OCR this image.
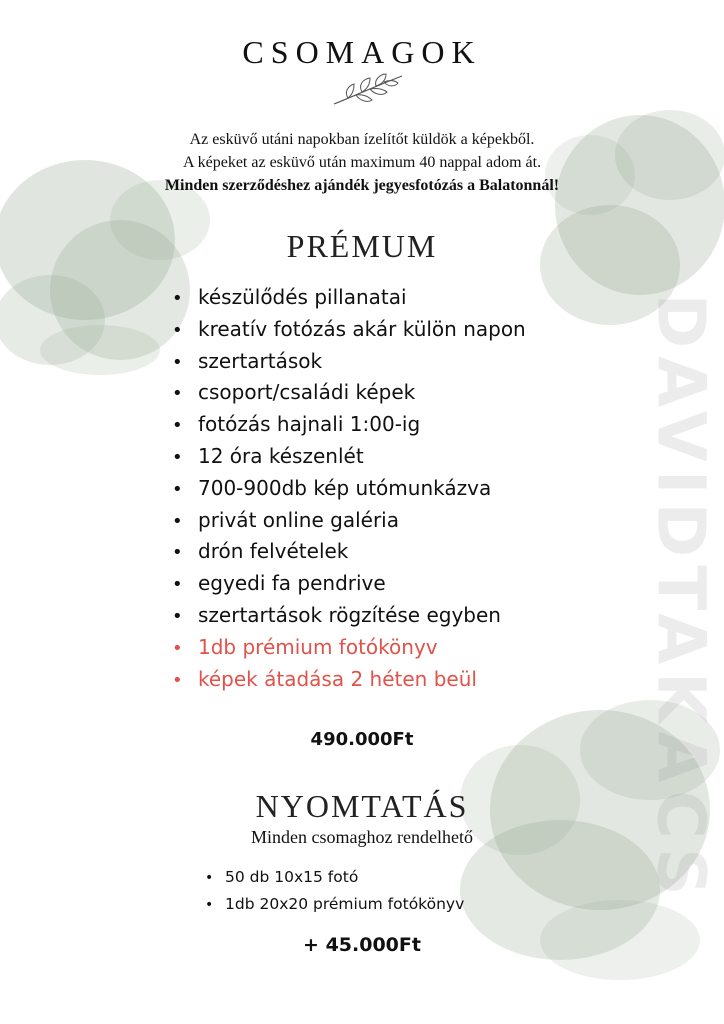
DAVIDTAKACS
CSOMAGOK
Az esküvő utáni napokban ízelítőt küldök a képekből.
A képeket az esküvő után maximum 40 nappal adom át.
Minden szerződéshez ajándék jegyesfotózás a Balatonnál!
PRÉMUM
• készülődés pillanatai
• kreatív fotózás akár külön napon
• szertartások
• csoport/családi képek
• fotózás hajnali 1:00-ig
• 12 óra készenlét
• 700-900db kép utómunkázva
• privát online galéria
• drón felvételek
• egyedi fa pendrive
• szertartások rögzítése egyben
• 1db prémium fotókönyv
• képek átadása 2 héten beül
490.000Ft
NYOMTATÁS
Minden csomaghoz rendelhető
• 50 db 10x15 fotó
• 1db 20x20 prémium fotókönyv
+ 45.000Ft
